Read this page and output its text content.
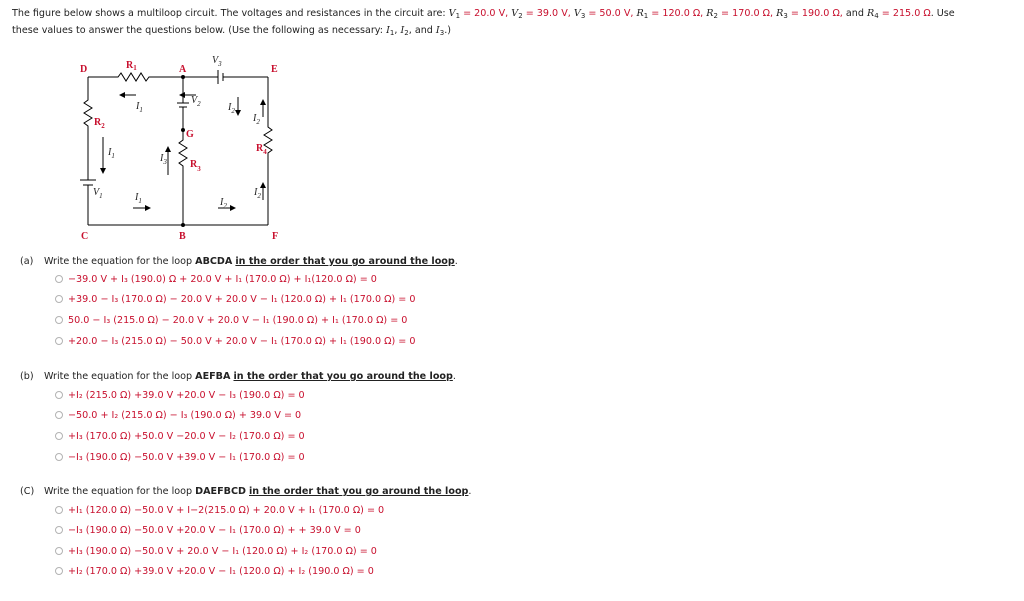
The figure below shows a multiloop circuit. The voltages and resistances in the circuit are: $V_1 = 20.0$ V, $V_2 = 39.0$ V, $V_3 = 50.0$ V, $R_1 = 120.0$ Ω, $R_2 = 170.0$ Ω, $R_3 = 190.0$ Ω, and $R_4 = 215.0$ Ω. Use

these values to answer the questions below. (Use the following as necessary: $I_1$, $I_2$, and $I_3$.)

D	A	E
C	B	F
G
$R_1$
$R_2$
$R_3$
$R_4$
$V_1$
$V_2$
$V_3$
$I_1$
$I_1$
$I_1$
$I_2$
$I_2$
$I_2$
$I_2$
$I_3$
(a) Write the equation for the loop ABCDA in the order that you go around the loop.
−39.0 V + I₃ (190.0) Ω + 20.0 V + I₁ (170.0 Ω) + I₁(120.0 Ω) = 0
+39.0 − I₃ (170.0 Ω) − 20.0 V + 20.0 V − I₁ (120.0 Ω) + I₁ (170.0 Ω) = 0
50.0 − I₃ (215.0 Ω) − 20.0 V + 20.0 V − I₁ (190.0 Ω) + I₁ (170.0 Ω) = 0
+20.0 − I₃ (215.0 Ω) − 50.0 V + 20.0 V − I₁ (170.0 Ω) + I₁ (190.0 Ω) = 0
(b) Write the equation for the loop AEFBA in the order that you go around the loop.
+I₂ (215.0 Ω) +39.0 V +20.0 V − I₃ (190.0 Ω) = 0
−50.0 + I₂ (215.0 Ω) − I₃ (190.0 Ω) + 39.0 V = 0
+I₃ (170.0 Ω) +50.0 V −20.0 V − I₂ (170.0 Ω) = 0
−I₃ (190.0 Ω) −50.0 V +39.0 V − I₁ (170.0 Ω) = 0
(C) Write the equation for the loop DAEFBCD in the order that you go around the loop.
+I₁ (120.0 Ω) −50.0 V + I−2(215.0 Ω) + 20.0 V + I₁ (170.0 Ω) = 0
−I₃ (190.0 Ω) −50.0 V +20.0 V − I₁ (170.0 Ω) + + 39.0 V = 0
+I₃ (190.0 Ω) −50.0 V + 20.0 V − I₁ (120.0 Ω) + I₂ (170.0 Ω) = 0
+I₂ (170.0 Ω) +39.0 V +20.0 V − I₁ (120.0 Ω) + I₂ (190.0 Ω) = 0
